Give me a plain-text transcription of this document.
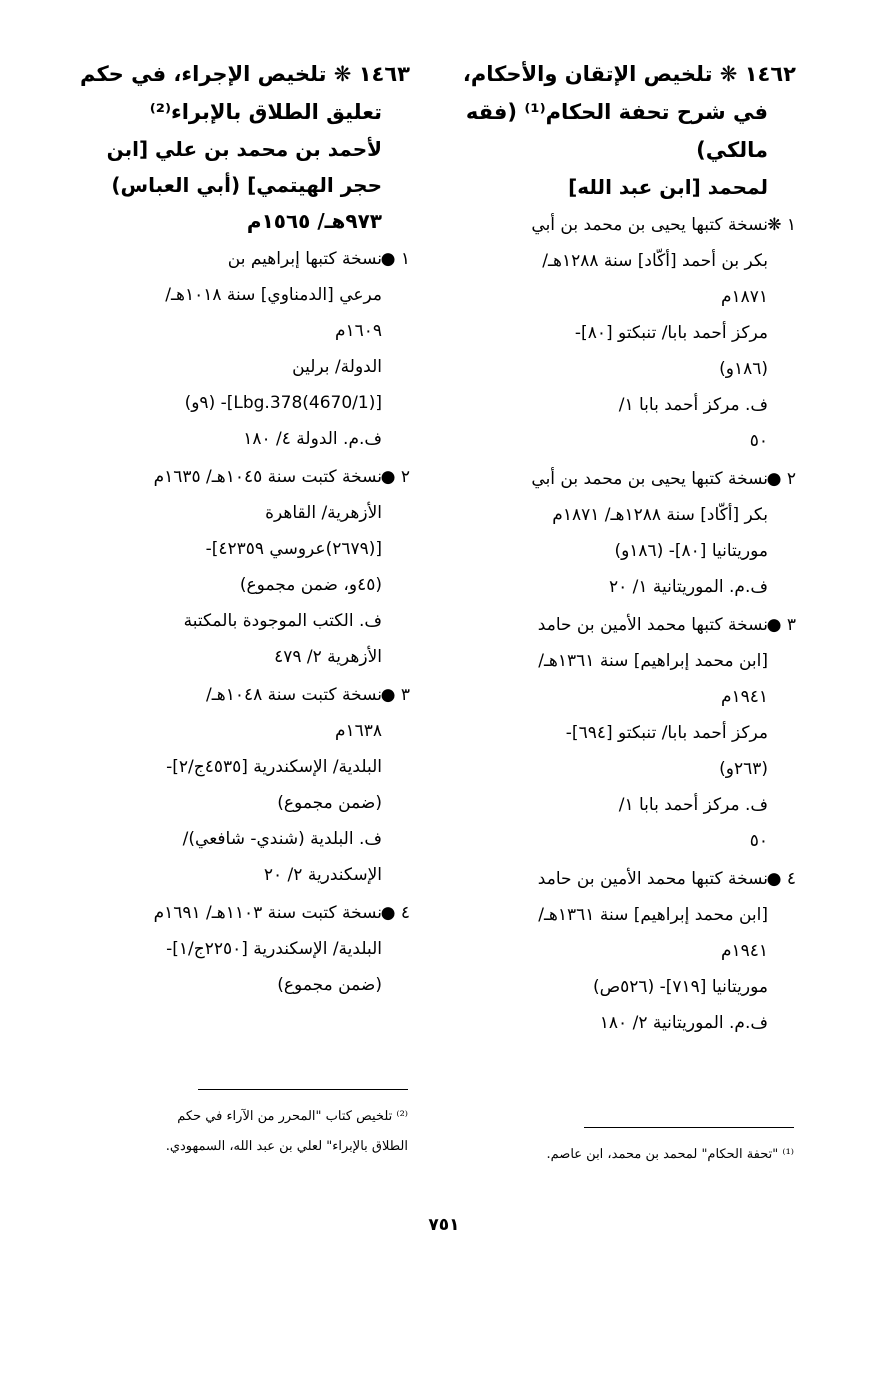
١٤٦٢ ❋ تلخيص الإتقان والأحكام،
في شرح تحفة الحكام⁽¹⁾ (فقه
مالكي)

لمحمد [ابن عبد الله]

١ ❋
نسخة كتبها يحيى بن محمد بن أبي
بكر بن أحمد [أكّاد] سنة ١٢٨٨هـ/
١٨٧١م
مركز أحمد بابا/ تنبكتو [٨٠]-
(١٨٦و)
ف. مركز أحمد بابا ١/
٥٠
٢ ●
نسخة كتبها يحيى بن محمد بن أبي
بكر [أكّاد] سنة ١٢٨٨هـ/ ١٨٧١م
موريتانيا [٨٠]- (١٨٦و)
ف.م. الموريتانية ١/ ٢٠
٣ ●
نسخة كتبها محمد الأمين بن حامد
[ابن محمد إبراهيم] سنة ١٣٦١هـ/
١٩٤١م
مركز أحمد بابا/ تنبكتو [٦٩٤]-
(٢٦٣و)
ف. مركز أحمد بابا ١/
٥٠
٤ ●
نسخة كتبها محمد الأمين بن حامد
[ابن محمد إبراهيم] سنة ١٣٦١هـ/
١٩٤١م
موريتانيا [٧١٩]- (٥٢٦ص)
ف.م. الموريتانية ٢/ ١٨٠

١٤٦٣ ❋ تلخيص الإجراء، في حكم
تعليق الطلاق بالإبراء⁽²⁾

لأحمد بن محمد بن علي [ابن
حجر الهيتمي] (أبي العباس)
٩٧٣هـ/ ١٥٦٥م

١ ●
نسخة كتبها إبراهيم بن
مرعي [الدمناوي] سنة ١٠١٨هـ/
١٦٠٩م
الدولة/ برلين
[(4670/1)Lbg.378]- (٩و)
ف.م. الدولة ٤/ ١٨٠
٢ ●
نسخة كتبت سنة ١٠٤٥هـ/ ١٦٣٥م
الأزهرية/ القاهرة
[(٢٦٧٩)عروسي ٤٢٣٥٩]-
(٤٥و، ضمن مجموع)
ف. الكتب الموجودة بالمكتبة
الأزهرية ٢/ ٤٧٩
٣ ●
نسخة كتبت سنة ١٠٤٨هـ/
١٦٣٨م
البلدية/ الإسكندرية [٤٥٣٥ج/٢]-
(ضمن مجموع)
ف. البلدية (شندي- شافعي)/
الإسكندرية ٢/ ٢٠
٤ ●
نسخة كتبت سنة ١١٠٣هـ/ ١٦٩١م
البلدية/ الإسكندرية [٢٢٥٠ج/١]-
(ضمن مجموع)
⁽²⁾ تلخيص كتاب "المحرر من الآراء في حكم
الطلاق بالإبراء" لعلي بن عبد الله، السمهودي.
⁽¹⁾ "تحفة الحكام" لمحمد بن محمد، ابن عاصم.
٧٥١
